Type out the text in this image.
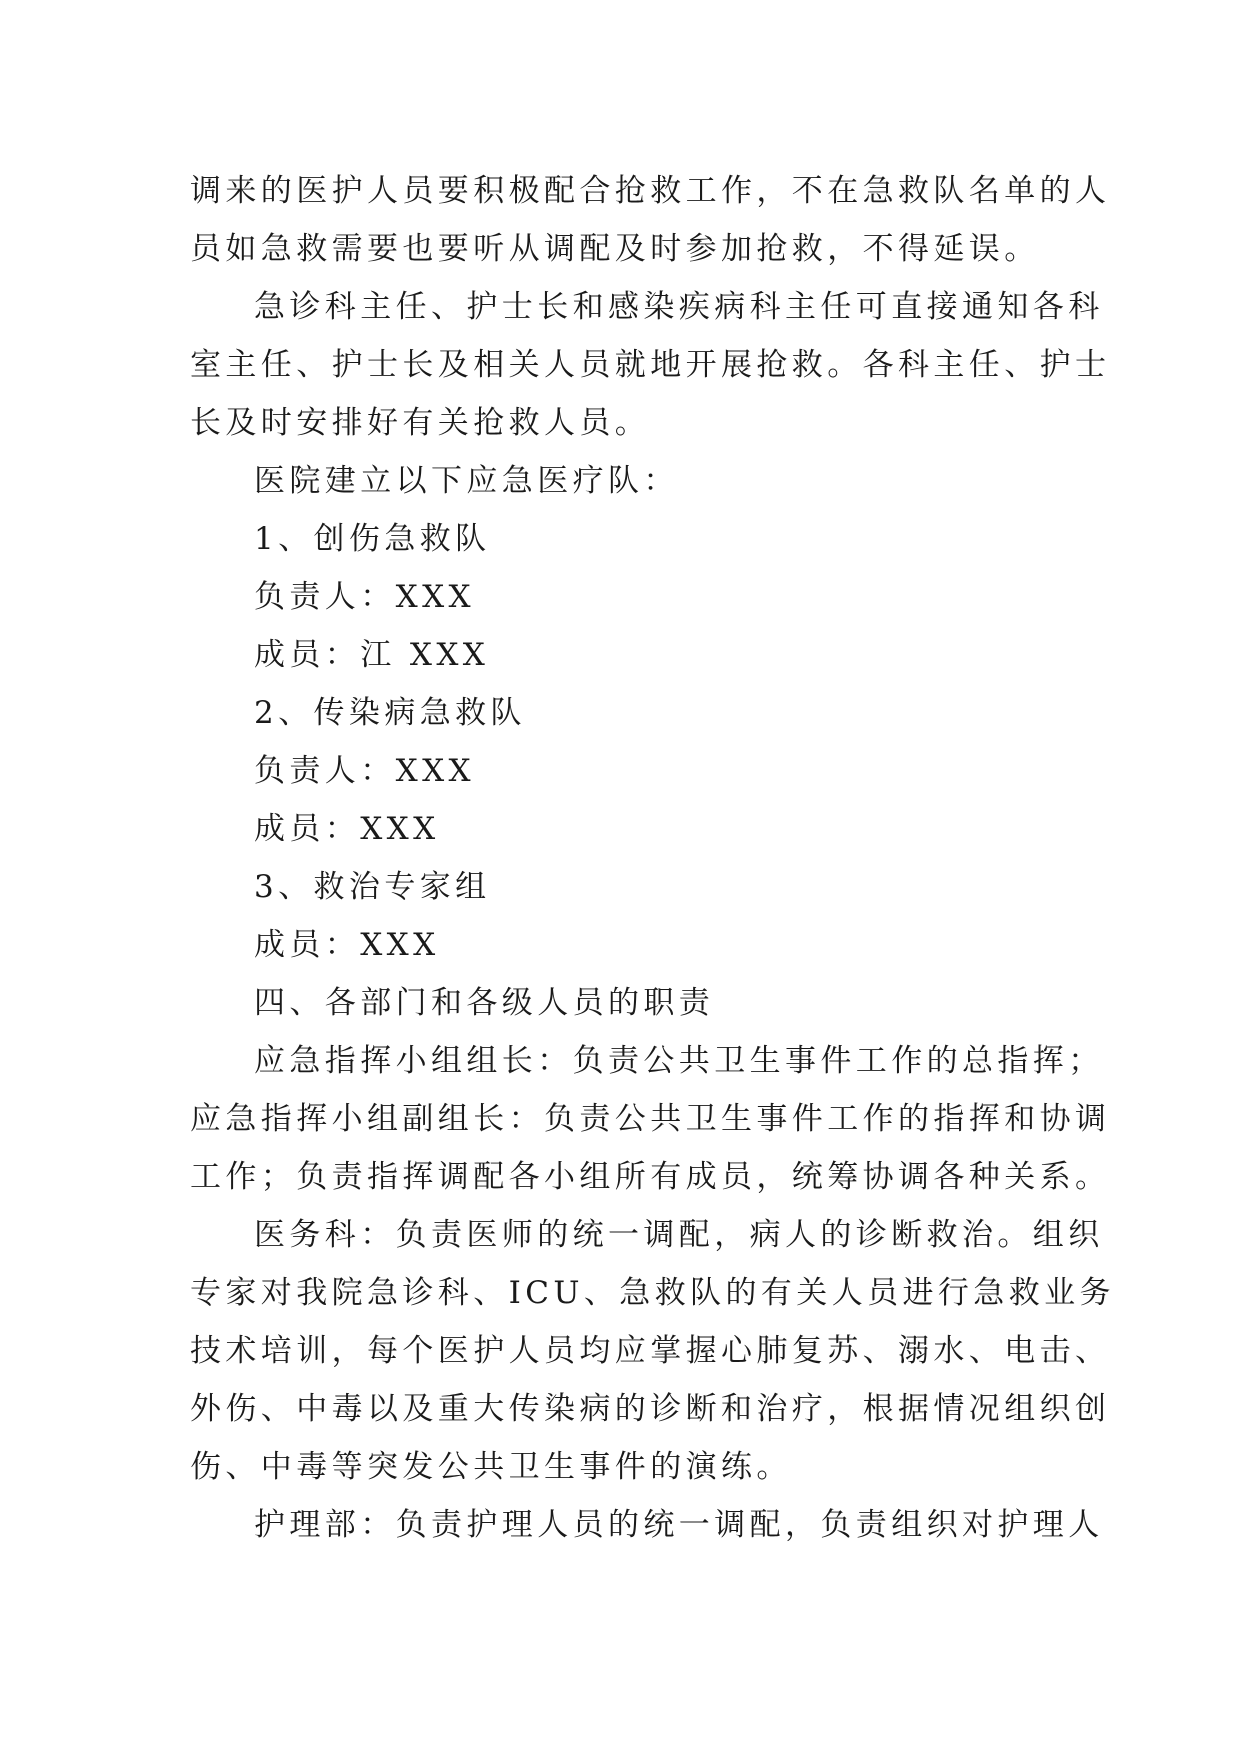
调来的医护人员要积极配合抢救工作，不在急救队名单的人
员如急救需要也要听从调配及时参加抢救，不得延误。
急诊科主任、护士长和感染疾病科主任可直接通知各科
室主任、护士长及相关人员就地开展抢救。各科主任、护士
长及时安排好有关抢救人员。
医院建立以下应急医疗队：
1、创伤急救队
负责人：XXX
成员：江 XXX
2、传染病急救队
负责人：XXX
成员：XXX
3、救治专家组
成员：XXX
四、各部门和各级人员的职责
应急指挥小组组长：负责公共卫生事件工作的总指挥；
应急指挥小组副组长：负责公共卫生事件工作的指挥和协调
工作；负责指挥调配各小组所有成员，统筹协调各种关系。
医务科：负责医师的统一调配，病人的诊断救治。组织
专家对我院急诊科、ICU、急救队的有关人员进行急救业务
技术培训，每个医护人员均应掌握心肺复苏、溺水、电击、
外伤、中毒以及重大传染病的诊断和治疗，根据情况组织创
伤、中毒等突发公共卫生事件的演练。
护理部：负责护理人员的统一调配，负责组织对护理人
